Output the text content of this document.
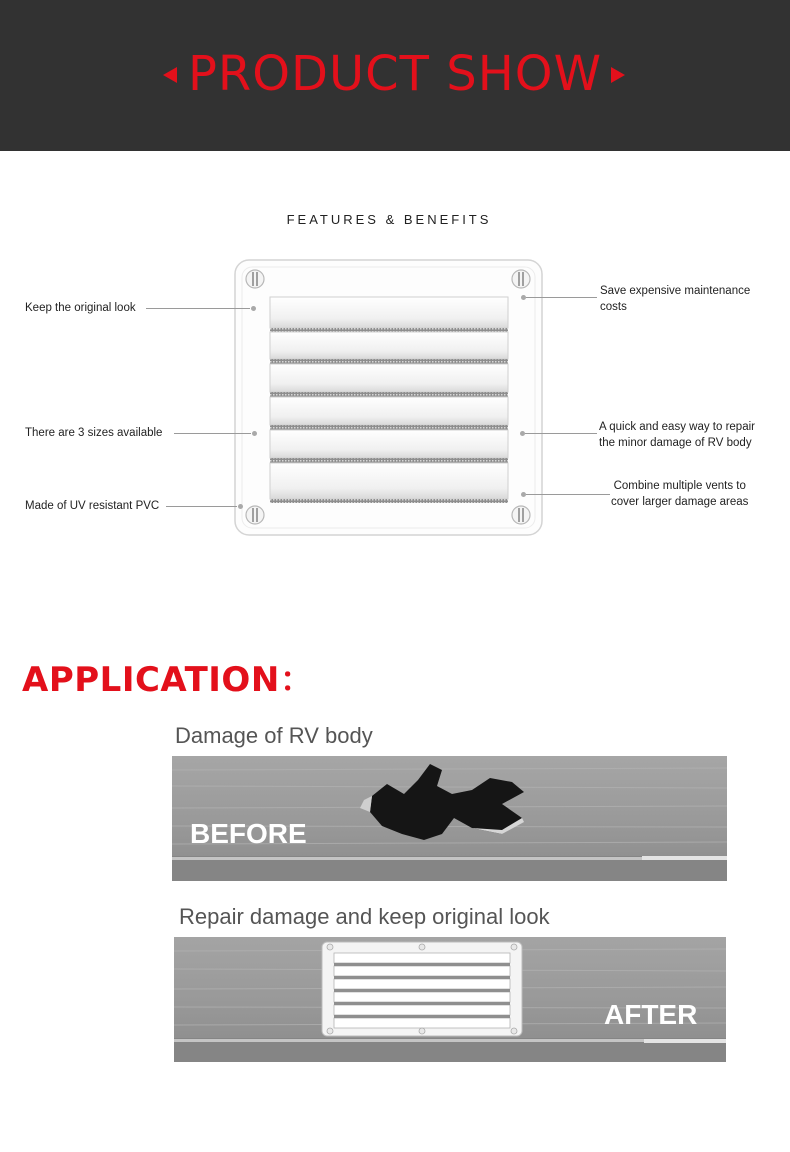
PRODUCT SHOW
FEATURES & BENEFITS
Keep the original look
There are 3 sizes available
Made of UV resistant PVC
Save expensive maintenance
costs
A quick and easy way to repair
the minor damage of RV body
Combine multiple vents to
cover larger damage areas
APPLICATION：
Damage of RV body
BEFORE
Repair damage and keep original look
AFTER
